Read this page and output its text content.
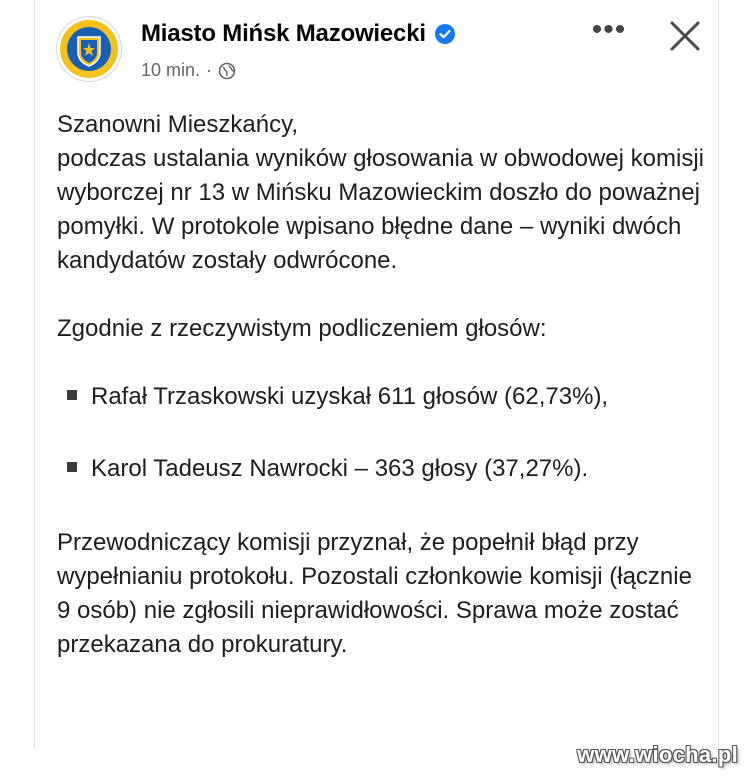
Miasto Mińsk Mazowiecki
10 min. ·
•••

Szanowni Mieszkańcy,

podczas ustalania wyników głosowania w obwodowej komisji wyborczej nr 13 w Mińsku Mazowieckim doszło do poważnej pomyłki. W protokole wpisano błędne dane – wyniki dwóch kandydatów zostały odwrócone.

Zgodnie z rzeczywistym podliczeniem głosów:

Rafał Trzaskowski uzyskał 611 głosów (62,73%),
Karol Tadeusz Nawrocki – 363 głosy (37,27%).

Przewodniczący komisji przyznał, że popełnił błąd przy wypełnianiu protokołu. Pozostali członkowie komisji (łącznie 9 osób) nie zgłosili nieprawidłowości. Sprawa może zostać przekazana do prokuratury.

www.wiocha.pl
